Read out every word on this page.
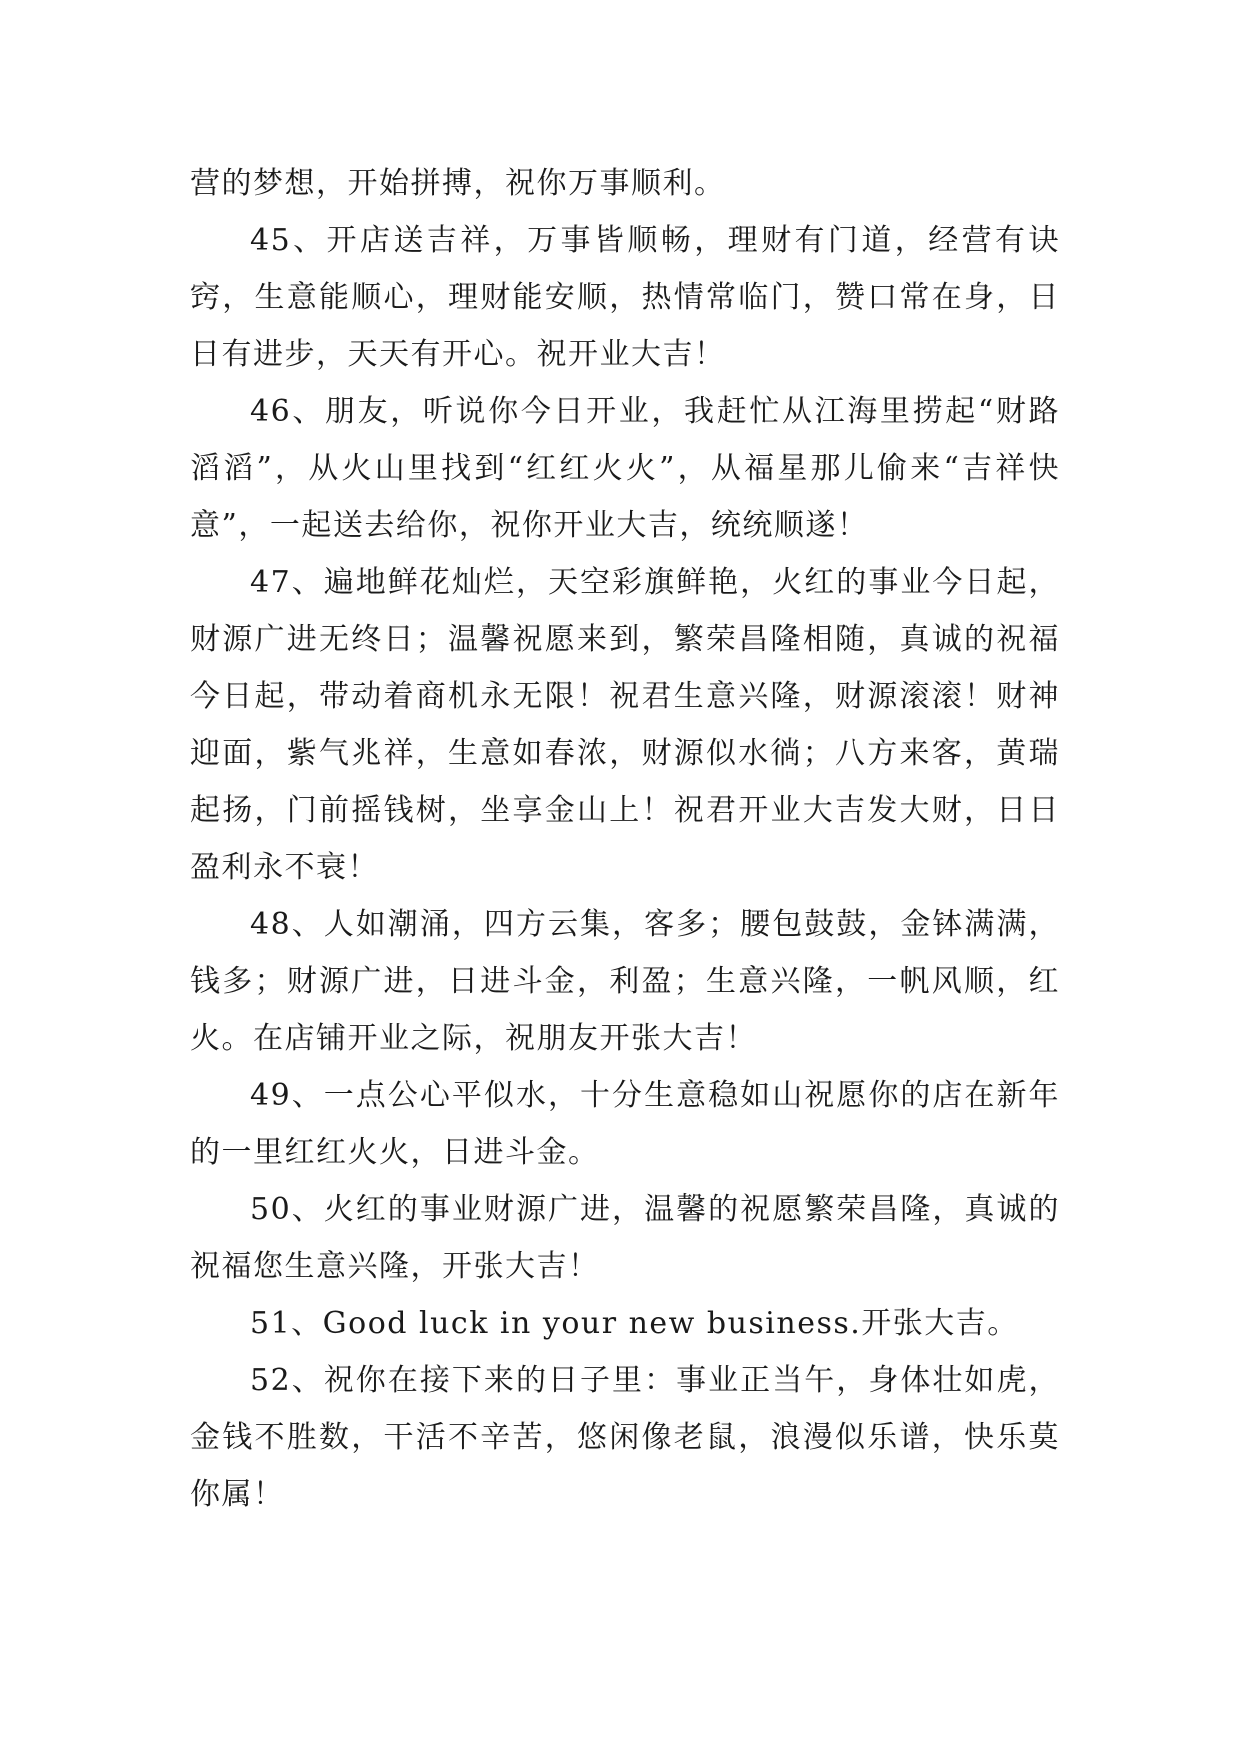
营的梦想，开始拼搏，祝你万事顺利。

45、开店送吉祥，万事皆顺畅，理财有门道，经营有诀窍，生意能顺心，理财能安顺，热情常临门，赞口常在身，日日有进步，天天有开心。祝开业大吉！

46、朋友，听说你今日开业，我赶忙从江海里捞起“财路滔滔”，从火山里找到“红红火火”，从福星那儿偷来“吉祥快意”，一起送去给你，祝你开业大吉，统统顺遂！

47、遍地鲜花灿烂，天空彩旗鲜艳，火红的事业今日起，财源广进无终日；温馨祝愿来到，繁荣昌隆相随，真诚的祝福今日起，带动着商机永无限！祝君生意兴隆，财源滚滚！财神迎面，紫气兆祥，生意如春浓，财源似水徜；八方来客，黄瑞起扬，门前摇钱树，坐享金山上！祝君开业大吉发大财，日日盈利永不衰！

48、人如潮涌，四方云集，客多；腰包鼓鼓，金钵满满，钱多；财源广进，日进斗金，利盈；生意兴隆，一帆风顺，红火。在店铺开业之际，祝朋友开张大吉！

49、一点公心平似水，十分生意稳如山祝愿你的店在新年的一里红红火火，日进斗金。

50、火红的事业财源广进，温馨的祝愿繁荣昌隆，真诚的祝福您生意兴隆，开张大吉！

51、Good luck in your new business.开张大吉。

52、祝你在接下来的日子里：事业正当午，身体壮如虎，金钱不胜数，干活不辛苦，悠闲像老鼠，浪漫似乐谱，快乐莫你属！
